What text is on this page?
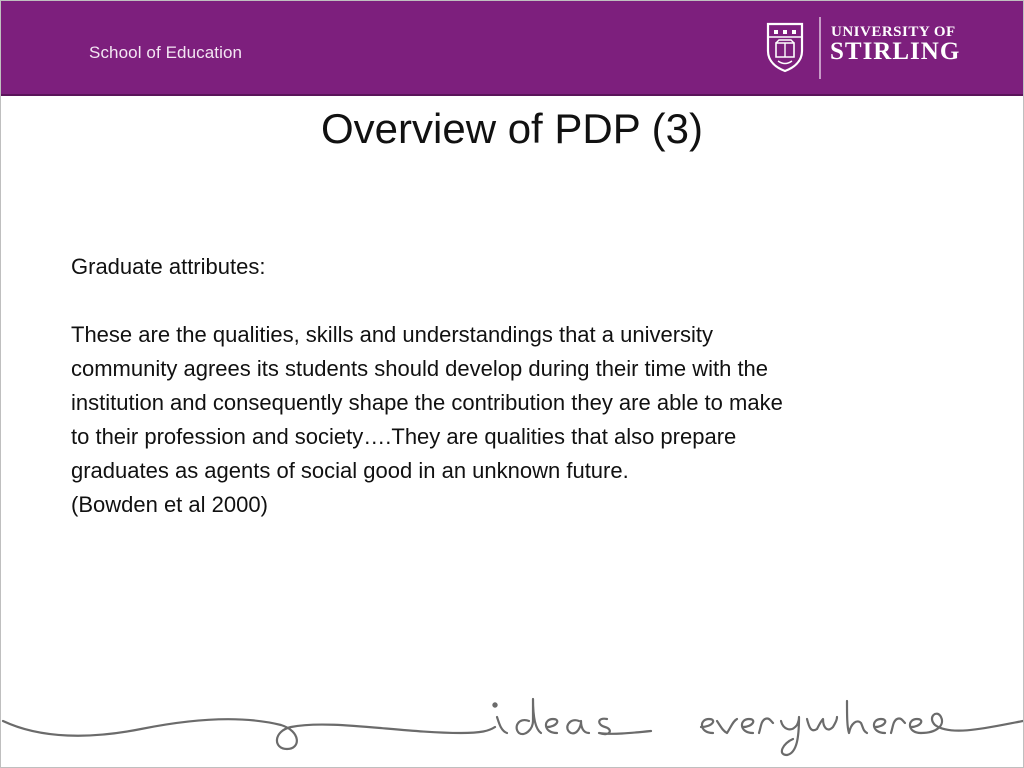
School of Education
UNIVERSITY OF
STIRLING
Overview of PDP (3)

Graduate attributes:

These are the qualities, skills and understandings that a university

community agrees its students should develop during their time with the

institution and consequently shape the contribution they are able to make

to their profession and society….They are qualities that also prepare

graduates as agents of social good in an unknown future.

(Bowden et al 2000)
